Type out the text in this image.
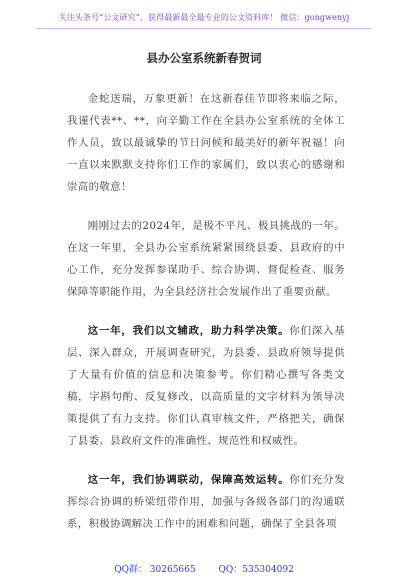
关注头条号“公文研究”，获得最新最全最专业的公文资料库！ 微信：gongwenyj
县办公室系统新春贺词

金蛇送瑞，万象更新！在这新春佳节即将来临之际，我谨代表**、**，向辛勤工作在全县办公室系统的全体工作人员，致以最诚挚的节日问候和最美好的新年祝福！向一直以来默默支持你们工作的家属们，致以衷心的感谢和崇高的敬意！

刚刚过去的2024年，是极不平凡、极具挑战的一年。在这一年里，全县办公室系统紧紧围绕县委、县政府的中心工作，充分发挥参谋助手、综合协调、督促检查、服务保障等职能作用，为全县经济社会发展作出了重要贡献。

这一年，我们以文辅政，助力科学决策。你们深入基层、深入群众，开展调查研究，为县委、县政府领导提供了大量有价值的信息和决策参考。你们精心撰写各类文稿，字斟句酌、反复修改，以高质量的文字材料为领导决策提供了有力支持。你们认真审核文件，严格把关，确保了县委、县政府文件的准确性、规范性和权威性。

这一年，我们协调联动，保障高效运转。你们充分发挥综合协调的桥梁纽带作用，加强与各级各部门的沟通联系，积极协调解决工作中的困难和问题，确保了全县各项

QQ群： 30265665	QQ：535304092
